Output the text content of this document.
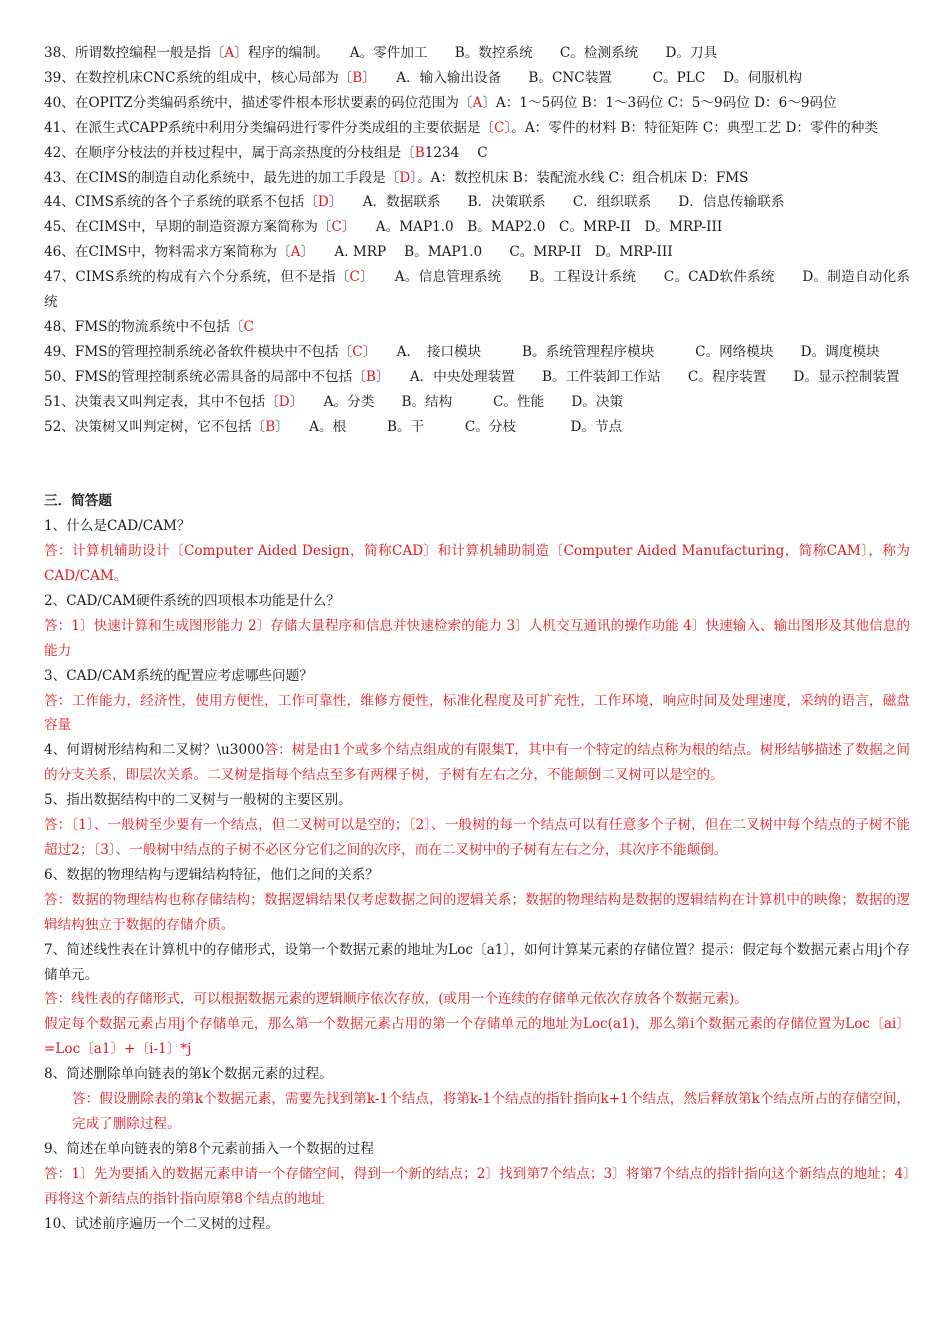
38、所谓数控编程一般是指〔A〕程序的编制。　　A。零件加工　　B。数控系统　　C。检测系统　　D。刀具
39、在数控机床CNC系统的组成中，核心局部为〔B〕　　A．输入输出设备　　B。CNC装置　　　C。PLC　 D。伺服机构
40、在OPITZ分类编码系统中，描述零件根本形状要素的码位范围为〔A〕A：1～5码位 B：1～3码位 C：5～9码位 D：6～9码位
41、在派生式CAPP系统中利用分类编码进行零件分类成组的主要依据是〔C〕。A：零件的材料 B：特征矩阵 C：典型工艺 D：零件的种类
42、在顺序分枝法的并枝过程中，属于高亲热度的分枝组是〔B1234　 C
43、在CIMS的制造自动化系统中，最先进的加工手段是〔D〕。A：数控机床 B：装配流水线 C：组合机床 D：FMS
44、CIMS系统的各个子系统的联系不包括〔D〕　　A．数据联系　　B．决策联系　　C．组织联系　　D．信息传输联系
45、在CIMS中，早期的制造资源方案简称为〔C〕　　A。MAP1.0　B。MAP2.0　C。MRP-II　D。MRP-III
46、在CIMS中，物料需求方案简称为〔A〕　　A. MRP　 B。MAP1.0　　C。MRP-II　D。MRP-III
47、CIMS系统的构成有六个分系统，但不是指〔C〕　　A。信息管理系统　　B。工程设计系统　　C。CAD软件系统　　D。制造自动化系统
48、FMS的物流系统中不包括〔C
49、FMS的管理控制系统必备软件模块中不包括〔C〕　　A．　接口模块　　　B。系统管理程序模块　　　C。网络模块　　D。调度模块
50、FMS的管理控制系统必需具备的局部中不包括〔B〕　　A．中央处理装置　　B。工件装卸工作站　　C。程序装置　　D。显示控制装置
51、决策表又叫判定表，其中不包括〔D〕　　A。分类　　B。结构　　　C。性能　　D。决策
52、决策树又叫判定树，它不包括〔B〕　　A。根　　　B。干　　　C。分枝　　　　D。节点
三．简答题
1、什么是CAD/CAM？
答：计算机辅助设计〔Computer Aided Design，简称CAD〕和计算机辅助制造〔Computer Aided Manufacturing，简称CAM〕，称为CAD/CAM。
2、CAD/CAM硬件系统的四项根本功能是什么？
答：1〕快速计算和生成图形能力 2〕存储大量程序和信息并快速检索的能力 3〕人机交互通讯的操作功能 4〕快速输入、输出图形及其他信息的能力
3、CAD/CAM系统的配置应考虑哪些问题？
答：工作能力，经济性，使用方便性，工作可靠性，维修方便性，标准化程度及可扩充性，工作环境，响应时间及处理速度，采纳的语言，磁盘容量
4、何谓树形结构和二叉树？\u3000答：树是由1个或多个结点组成的有限集T，其中有一个特定的结点称为根的结点。树形结够描述了数据之间的分支关系，即层次关系。二叉树是指每个结点至多有两棵子树，子树有左右之分，不能颠倒二叉树可以是空的。
5、指出数据结构中的二叉树与一般树的主要区别。
答：〔1〕、一般树至少要有一个结点，但二叉树可以是空的；〔2〕、一般树的每一个结点可以有任意多个子树，但在二叉树中每个结点的子树不能超过2；〔3〕、一般树中结点的子树不必区分它们之间的次序，而在二叉树中的子树有左右之分，其次序不能颠倒。
6、数据的物理结构与逻辑结构特征，他们之间的关系？
答：数据的物理结构也称存储结构；数据逻辑结果仅考虑数据之间的逻辑关系；数据的物理结构是数据的逻辑结构在计算机中的映像；数据的逻辑结构独立于数据的存储介质。
7、简述线性表在计算机中的存储形式，设第一个数据元素的地址为Loc〔a1〕，如何计算某元素的存储位置？提示：假定每个数据元素占用j个存储单元。
答：线性表的存储形式，可以根据数据元素的逻辑顺序依次存放，(或用一个连续的存储单元依次存放各个数据元素)。
假定每个数据元素占用j个存储单元，那么第一个数据元素占用的第一个存储单元的地址为Loc(a1)，那么第i个数据元素的存储位置为Loc〔ai〕=Loc〔a1〕+〔i-1〕*j
8、简述删除单向链表的第k个数据元素的过程。
答：假设删除表的第k个数据元素，需要先找到第k-1个结点，将第k-1个结点的指针指向k+1个结点，然后释放第k个结点所占的存储空间，完成了删除过程。
9、简述在单向链表的第8个元素前插入一个数据的过程
答：1〕先为要插入的数据元素申请一个存储空间，得到一个新的结点；2〕找到第7个结点；3〕将第7个结点的指针指向这个新结点的地址；4〕再将这个新结点的指针指向原第8个结点的地址
10、试述前序遍历一个二叉树的过程。
